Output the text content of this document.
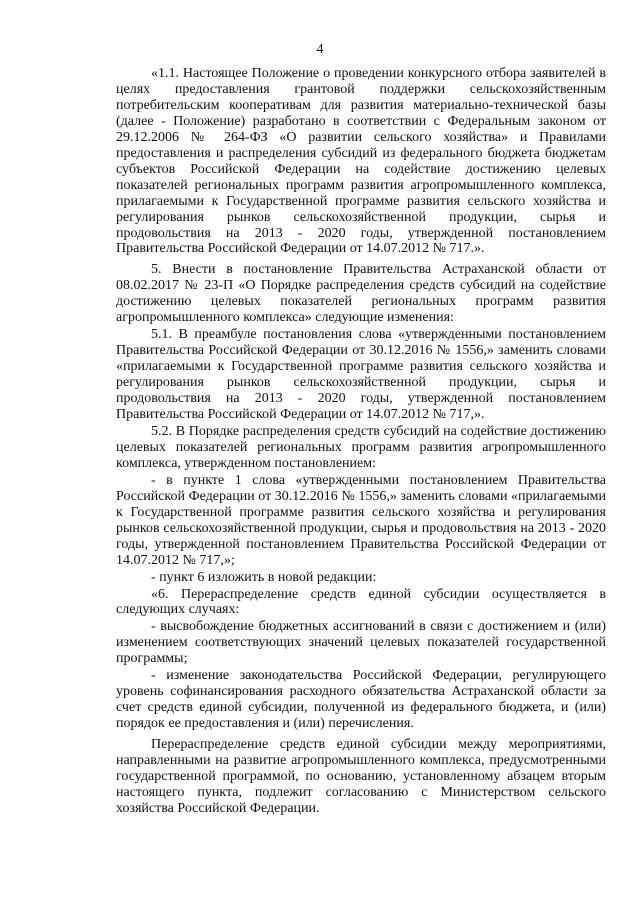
4

«1.1. Настоящее Положение о проведении конкурсного отбора заявителей в целях предоставления грантовой поддержки сельскохозяйственным потребительским кооперативам для развития материально-технической базы (далее - Положение) разработано в соответствии с Федеральным законом от 29.12.2006 № 264-ФЗ «О развитии сельского хозяйства» и Правилами предоставления и распределения субсидий из федерального бюджета бюджетам субъектов Российской Федерации на содействие достижению целевых показателей региональных программ развития агропромышленного комплекса, прилагаемыми к Государственной программе развития сельского хозяйства и регулирования рынков сельскохозяйственной продукции, сырья и продовольствия на 2013 - 2020 годы, утвержденной постановлением Правительства Российской Федерации от 14.07.2012 № 717.».

5. Внести в постановление Правительства Астраханской области от 08.02.2017 № 23-П «О Порядке распределения средств субсидий на содействие достижению целевых показателей региональных программ развития агропромышленного комплекса» следующие изменения:

5.1. В преамбуле постановления слова «утвержденными постановлением Правительства Российской Федерации от 30.12.2016 № 1556,» заменить словами «прилагаемыми к Государственной программе развития сельского хозяйства и регулирования рынков сельскохозяйственной продукции, сырья и продовольствия на 2013 - 2020 годы, утвержденной постановлением Правительства Российской Федерации от 14.07.2012 № 717,».

5.2. В Порядке распределения средств субсидий на содействие достижению целевых показателей региональных программ развития агропромышленного комплекса, утвержденном постановлением:

- в пункте 1 слова «утвержденными постановлением Правительства Российской Федерации от 30.12.2016 № 1556,» заменить словами «прилагаемыми к Государственной программе развития сельского хозяйства и регулирования рынков сельскохозяйственной продукции, сырья и продовольствия на 2013 - 2020 годы, утвержденной постановлением Правительства Российской Федерации от 14.07.2012 № 717,»;

- пункт 6 изложить в новой редакции:

«6. Перераспределение средств единой субсидии осуществляется в следующих случаях:

- высвобождение бюджетных ассигнований в связи с достижением и (или) изменением соответствующих значений целевых показателей государственной программы;

- изменение законодательства Российской Федерации, регулирующего уровень софинансирования расходного обязательства Астраханской области за счет средств единой субсидии, полученной из федерального бюджета, и (или) порядок ее предоставления и (или) перечисления.

Перераспределение средств единой субсидии между мероприятиями, направленными на развитие агропромышленного комплекса, предусмотренными государственной программой, по основанию, установленному абзацем вторым настоящего пункта, подлежит согласованию с Министерством сельского хозяйства Российской Федерации.
